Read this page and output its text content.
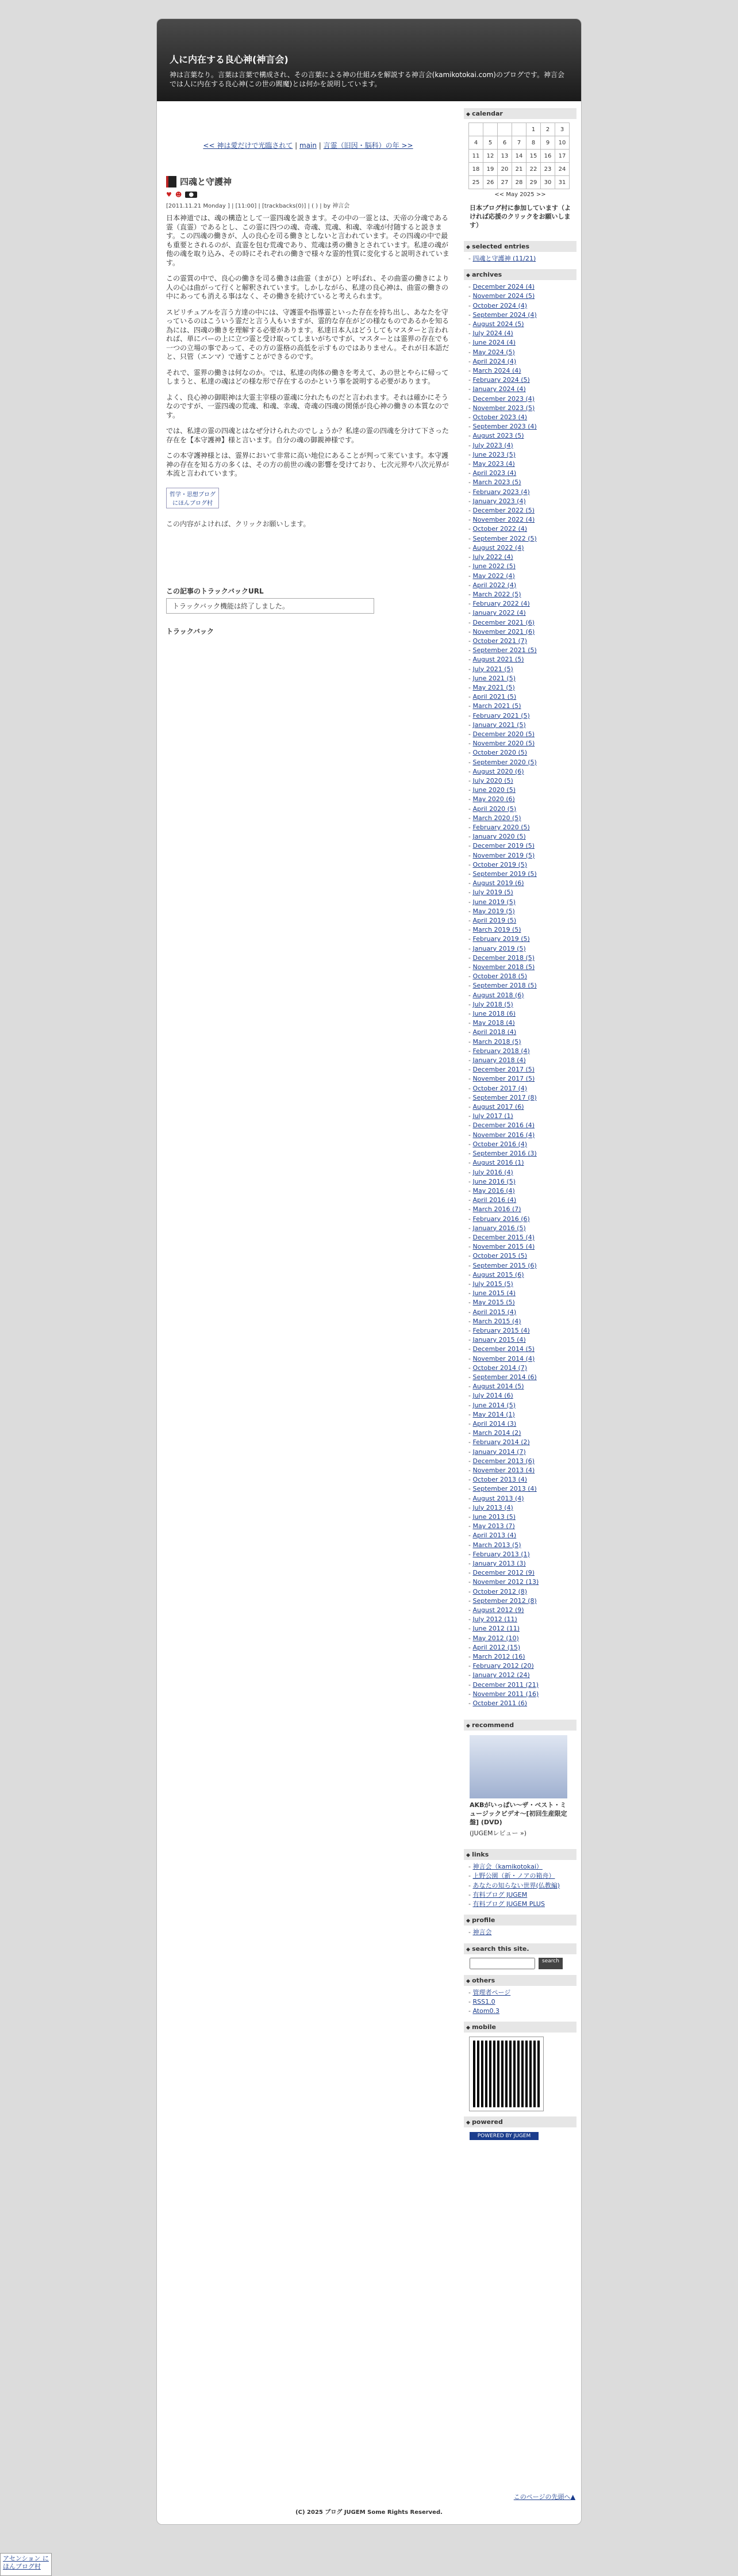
人に内在する良心神(神言会)
神は言葉なり。言葉は言葉で構成され、その言葉による神の仕組みを解説する神言会(kamikotokai.com)のブログです。神言会では人に内在する良心神(この世の閻魔)とは何かを説明しています。
<< 神は愛だけで光臨されて | main | 言霊（旧因・脳科）の年 >>
四魂と守護神
♥ ☻	●
[2011.11.21 Monday ] | [11:00] | [trackbacks(0)] | ( ) | by 神言会

日本神道では、魂の構造として一霊四魂を説きます。その中の一霊とは、天帝の分魂である霊（直霊）であるとし、この霊に四つの魂、奇魂、荒魂、和魂、幸魂が付随すると説きます。この四魂の働きが、人の良心を司る働きとしないと言われています。その四魂の中で最も重要とされるのが、直霊を包む荒魂であり、荒魂は勇の働きとされています。私達の魂が他の魂を取り込み、その時にそれぞれの働きで様々な霊的性質に変化すると説明されています。

この霊質の中で、良心の働きを司る働きは曲霊（まがひ）と呼ばれ、その曲霊の働きにより人の心は曲がって行くと解釈されています。しかしながら、私達の良心神は、曲霊の働きの中にあっても消える事はなく、その働きを続けていると考えられます。

スピリチュアルを言う方達の中には、守護霊や指導霊といった存在を持ち出し、あなたを守っているのはこういう霊だと言う人もいますが、霊的な存在がどの様なものであるかを知る為には、四魂の働きを理解する必要があります。私達日本人はどうしてもマスターと言われれば、単にパーの上に立つ霊と受け取ってしまいがちですが、マスターとは霊界の存在でも一つの立場の事であって、その方の霊格の高低を示すものではありません。それが日本語だと、只管（エンマ）で通すことができるのです。

それで、霊界の働きは何なのか。では、私達の肉体の働きを考えて、あの世とやらに帰ってしまうと、私達の魂はどの様な形で存在するのかという事を説明する必要があります。

よく、良心神の御眼神は大霊主宰様の霊魂に分れたものだと言われます。それは確かにそうなのですが、一霊四魂の荒魂、和魂、幸魂、奇魂の四魂の関係が良心神の働きの本質なのです。

では、私達の霊の四魂とはなぜ分けられたのでしょうか？私達の霊の四魂を分けて下さった存在を【本守護神】様と言います。自分の魂の御親神様です。

この本守護神様とは、霊界において非常に高い地位にあることが判って来ています。本守護神の存在を知る方の多くは、その方の前世の魂の影響を受けており、七次元界や八次元界が本流と言われています。

哲学・思想ブログ にほんブログ村
この内容がよければ、クリックお願いします。
この記事のトラックバックURL
トラックバック機能は終了しました。
トラックバック
◆ calendar
				1	2	3
4	5	6	7	8	9	10
11	12	13	14	15	16	17
18	19	20	21	22	23	24
25	26	27	28	29	30	31
<< May 2025 >>
日本ブログ村に参加しています（よければ応援のクリックをお願いします）
◆ selected entries
- 四魂と守護神 (11/21)
◆ archives
- December 2024 (4)
- November 2024 (5)
- October 2024 (4)
- September 2024 (4)
- August 2024 (5)
- July 2024 (4)
- June 2024 (4)
- May 2024 (5)
- April 2024 (4)
- March 2024 (4)
- February 2024 (5)
- January 2024 (4)
- December 2023 (4)
- November 2023 (5)
- October 2023 (4)
- September 2023 (4)
- August 2023 (5)
- July 2023 (4)
- June 2023 (5)
- May 2023 (4)
- April 2023 (4)
- March 2023 (5)
- February 2023 (4)
- January 2023 (4)
- December 2022 (5)
- November 2022 (4)
- October 2022 (4)
- September 2022 (5)
- August 2022 (4)
- July 2022 (4)
- June 2022 (5)
- May 2022 (4)
- April 2022 (4)
- March 2022 (5)
- February 2022 (4)
- January 2022 (4)
- December 2021 (6)
- November 2021 (6)
- October 2021 (7)
- September 2021 (5)
- August 2021 (5)
- July 2021 (5)
- June 2021 (5)
- May 2021 (5)
- April 2021 (5)
- March 2021 (5)
- February 2021 (5)
- January 2021 (5)
- December 2020 (5)
- November 2020 (5)
- October 2020 (5)
- September 2020 (5)
- August 2020 (6)
- July 2020 (5)
- June 2020 (5)
- May 2020 (6)
- April 2020 (5)
- March 2020 (5)
- February 2020 (5)
- January 2020 (5)
- December 2019 (5)
- November 2019 (5)
- October 2019 (5)
- September 2019 (5)
- August 2019 (6)
- July 2019 (5)
- June 2019 (5)
- May 2019 (5)
- April 2019 (5)
- March 2019 (5)
- February 2019 (5)
- January 2019 (5)
- December 2018 (5)
- November 2018 (5)
- October 2018 (5)
- September 2018 (5)
- August 2018 (6)
- July 2018 (5)
- June 2018 (6)
- May 2018 (4)
- April 2018 (4)
- March 2018 (5)
- February 2018 (4)
- January 2018 (4)
- December 2017 (5)
- November 2017 (5)
- October 2017 (4)
- September 2017 (8)
- August 2017 (6)
- July 2017 (1)
- December 2016 (4)
- November 2016 (4)
- October 2016 (4)
- September 2016 (3)
- August 2016 (1)
- July 2016 (4)
- June 2016 (5)
- May 2016 (4)
- April 2016 (4)
- March 2016 (7)
- February 2016 (6)
- January 2016 (5)
- December 2015 (4)
- November 2015 (4)
- October 2015 (5)
- September 2015 (6)
- August 2015 (6)
- July 2015 (5)
- June 2015 (4)
- May 2015 (5)
- April 2015 (4)
- March 2015 (4)
- February 2015 (4)
- January 2015 (4)
- December 2014 (5)
- November 2014 (4)
- October 2014 (7)
- September 2014 (6)
- August 2014 (5)
- July 2014 (6)
- June 2014 (5)
- May 2014 (1)
- April 2014 (3)
- March 2014 (2)
- February 2014 (2)
- January 2014 (7)
- December 2013 (6)
- November 2013 (4)
- October 2013 (4)
- September 2013 (4)
- August 2013 (4)
- July 2013 (4)
- June 2013 (5)
- May 2013 (7)
- April 2013 (4)
- March 2013 (5)
- February 2013 (1)
- January 2013 (3)
- December 2012 (9)
- November 2012 (13)
- October 2012 (8)
- September 2012 (8)
- August 2012 (9)
- July 2012 (11)
- June 2012 (11)
- May 2012 (10)
- April 2012 (15)
- March 2012 (16)
- February 2012 (20)
- January 2012 (24)
- December 2011 (21)
- November 2011 (16)
- October 2011 (6)
◆ recommend
AKBがいっぱい～ザ・ベスト・ミュージックビデオ～[初回生産限定盤] (DVD)
(JUGEMレビュー »)
◆ links
- 神言会（kamikotokai）
- 上野公園（新・ノアの箱舟）
- あなたの知らない世界(仏教編)
- 有料ブログ JUGEM
- 有料ブログ JUGEM PLUS
◆ profile
- 神言会
◆ search this site.
search
◆ others
- 管理者ページ
- RSS1.0
- Atom0.3
◆ mobile
◆ powered
POWERED BY JUGEM
このページの先頭へ▲
(C) 2025 ブログ JUGEM Some Rights Reserved.
アセンション にほんブログ村
